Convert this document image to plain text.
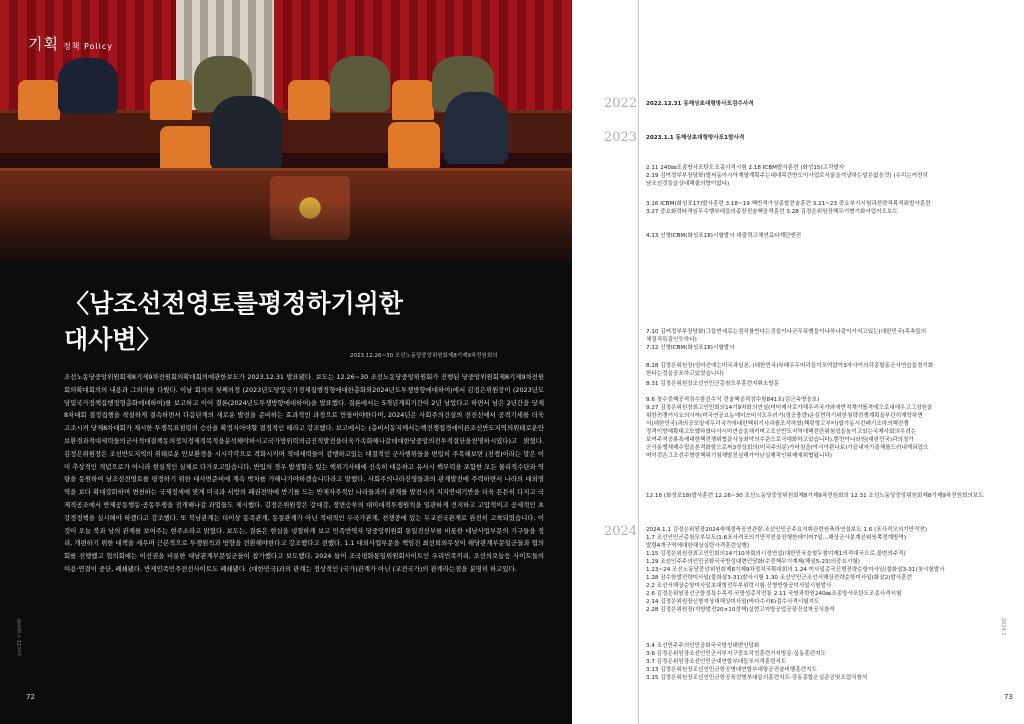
기획 정책 Policy
〈남조선전영토를평정하기위한
대사변〉
2023.12.26~30 조선노동당중앙위원회제8기제9차전원회의

조선노동당중앙위원회제8기제9차전원회의확대회의에관한보도가 2023.12.31 발표됐다. 보도는 12.26~30 조선노동당중앙위원회가 진행된 당중앙위원회제8기제9차전원회의확대회의의 내용과 그의의를 다뤘다. 이날 회의의 첫째의정 (2023년도당및국가경제집행정형에대한총화와2024년도투쟁방향에대하여)에서 김정은위원장이 (2023년도당및국가정책집행정형총화에대하여)를 보고하고 이어 결론(2024년도투쟁방향에대하여)을 발표했다. 결론에서는 5개년계획기간이 2년 남았다고 하면서 남은 2년간을 당제8차대회 결정집행을 착실하게 결속하면서 다음단계의 새로운 발전을 준비하는 효과적인 과정으로 만들어야한다며, 2024년은 사회주의건설의 전진선에서 공격기세를 더욱 고조시켜 당제8차대회가 제시한 투쟁목표점령의 승산을 확정지어야할 결정적인 해라고 강조했다. 보고에서는 (총비서동지께서는핵전쟁접경에이른조선반도지역의위태로운안보환경과적대세력들의군사적대결책동의정치경제적목적을분석해야하시고국가방위력의급진적발전을더욱가속화해나갈데대한당중앙의전투적결단을천명하시였다)고 밝혔다. 김정은위원장은 조선반도지역의 위태로운 안보환경을 시시각각으로 격화시키며 적대세력들이 감행하고있는 대결적인 군사행위들을 변입히 주목해보면 (전쟁)이라는 말은 이미 추상적인 개념으로가 아니라 현실적인 실체로 다가오고있습니다. 반입의 경우 발생할수 있는 핵위기사태에 신속히 대응하고 유사시 핵무력을 포함한 모든 물리적수단과 역량을 동원하여 남조선전영토를 평정하기 위한 대사변준비에 계속 박차를 가해나가야하겠습니다라고 말했다. 사회주의나라진영들과의 관계발전에 주력하면서 나라의 대외영역을 보다 확대강화하며 변천하는 국제정세에 맞게 미국과 서방의 패권전략에 반기를 드는 반제자주적인 나라들과의 관계를 발전시켜 지지연대기반을 더욱 튼튼히 다지고 국제적공조에서 반제공동행동·공동투쟁을 전개해나갈 과업들도 제시했다. 김정은위원장은 강대강, 정면승부의 대미대적투쟁원칙을 일관하게 견지하고 고압적이고 공세적인 초강경정책을 실시해야 하겠다고 강조했다. 또 북남관계는 더이상 동족관계, 동질관계가 아닌 적대적인 두국가관계, 전쟁중에 있는 두교전국관계로 완전히 고착되였습니다, 이것이 오늘 북과 남의 관계를 보여주는 현주소라고 밝혔다. 보도는, 결론은 현실을 냉철하게 보고 민족반역자 당중앙위원회 통일전선부를 비롯한 대남사업부문의 기구들을 정리, 개편하기 위한 대책을 세우며 근본적으로 투쟁원칙과 방향을 전환해야한다고 강조했다고 전했다. 1.1 대외사업부문을 책임진 최선희외무상이 해당관계부문일군들과 협의회를 진행했고 협의회에는 이선권을 비롯한 대남관계부문일군들이 참가했다고 보도했다. 2024 들어 조국평화통일위원회사이트인 우리민족끼리, 조선의오늘등 사이트들의 이용·연결이 중단, 폐쇄됐다. 반제민족민주전선사이트도 폐쇄됐다. (대한민국)과의 관계는 정상적인 (국가)관계가 아닌 (교전국가)의 관계라는점을 분명히 하고있다.

민족21 기획정책
72
2022
2023
2024
2022.12.31 동해상초대형방사포검수사격
2023.1.1 동해상초대형방사포1발사격
2.11 240㎜조종방사포탄도조종사격시험 2.18 ICBM발사훈련 (화성15)고각발사
2.19 김여정부부장담화(벌써동아시아계열계획주는대대목간반도이사업로서꿀을겨냥하는말은없음것) (우리는여전히
남조선것들을상대해줄의향이없다)
3.16 ICBM(화성포17)발사훈련 3.18~19 핵반격가상종합전술훈련 3.21~23 중요부기시험과전략적목적위발사훈련
3.27 중요화력타격임무수행부대들의종장전술핵공격훈련 3.28 김정은위원장핵무기병기화사업지도보도
4.13 신형ICBM(화성포18)시험발사 대출력고체연료다계단엔진
7.10 김여정부부장담화(그들반세로는점치를반다는것들이나군무폭행들이나하나같이가지고있는(대한민국)족속들의
체질적특질인듯하다)
7.12 신형ICBM(화성포18)시험발사
8.28 김정은위원장(엄마전에는미국과일본, (대한민국)부패우두머리들이모여앉아3자사이의각종합동군사연습을정기화
한다는것을공포하고있었습니다)
8.31 김정은위원장조선인민군총참모부훈련지휘소방문
9.6 첫수중핵공격잠수함진수식 전술핵공격잠수함841호(김군옥영웅호)
9.27 김정은위원장최고인민회의14기9차회의연설(미미제사로가해우리국가와에반적계거를격에으로내에우고그성원을
위한전쟁거사요의사자(미국연공요농에미쓰비시도우러거(정공충량)운실현하기위한침략전쟁계획을부단히계학하면
서(대한민국)과의공모밑에우리국가에대한핵위기사과를조작하였(핵펑형고부터)합가동시킨배기조하의핵전쟁
정격이방해확대고모했하였다사시미연습을채키며고조선반도지역에핵전란위험성을높이고있는국제사회의우려는
보여주적공룡폭에대한핵전쟁위협을사상최악의수준으로극대화하고있습니다).뿐만아니라원(대한민국)과의정가
군사동맹체제수립을본격화함으로써3정상회의(미국주의분)가마침을(아시아판나토)가끝내자기출체를드러내게되었으
며이것은그조선수명한핵위기침체발전심해가아닌실제적인위제에위협됩니다)
12.18 (화성포18)발사훈련 12.26~30 조선노동당중앙위원회제8기제9차전원회의 12.31 조선노동당중앙위원회제8기제9차전원회의보도
2024.1.1 김정은위원장2024새해경축공연관람·조선인민군주요지휘관련원축하연설보도 1.6 (포사격모의기만작전)
1.7 조선인민군총참모부보도(1.6포사격포의기만작전을진행한데이어7일…해상군사분계선위북쪽경계방역)
발령4개구역에대한해상실탄사격훈련실행)
1.15 김정은위원장최고인민회의14기10차회의시정연설(대한민국을철두철미제1의적대국으로,불변의주적)
1.19 조선인주주의인민공화국국방성대변인담화(수중핵무기계제(해일5-23)의중요시험)
1.23~24 조선노동당중앙위원회제8기제9차정치국확대회의 1.24 미사일총국신형전략순항미사일(불화살3-31)첫시험발사
1.28 잠수함발전략미사일(불화살3-31)발사시험 1.30 조선인민군조선서해상전략순항미사일(화살2)발사훈련
2.2 조선서해상순항미사일초대형전투부위력시험·신형반항공미사일시험발사
2.6 김정은위원장선군함정특수목적·국방성총작전통 2.11 국방과학원240㎜조종방사포탄도조종사격시험
2.14 김정은위원장신형지상대해상미사일(바다수리6)검수사격시험지도
2.28 김정은위원장(지방발전20×10정책)실현고지방공업공장건설착공식참석
3.4 조선민주주의인민공화국국방성대변인담화
3.6 김정은위원장조선인민군서부지구중요작전훈련기지방문·실동훈련지도
3.7 김정은위원장조선인민군대연합부대들포사격훈련지도
3.13 김정은위원장조선인민군항공병대연합부대항공전술비행훈련지도
3.15 김정은위원장조선인민군항공육전병부대들의훈련지도·강동종합온실준공및조업식참석
2024.1
73
